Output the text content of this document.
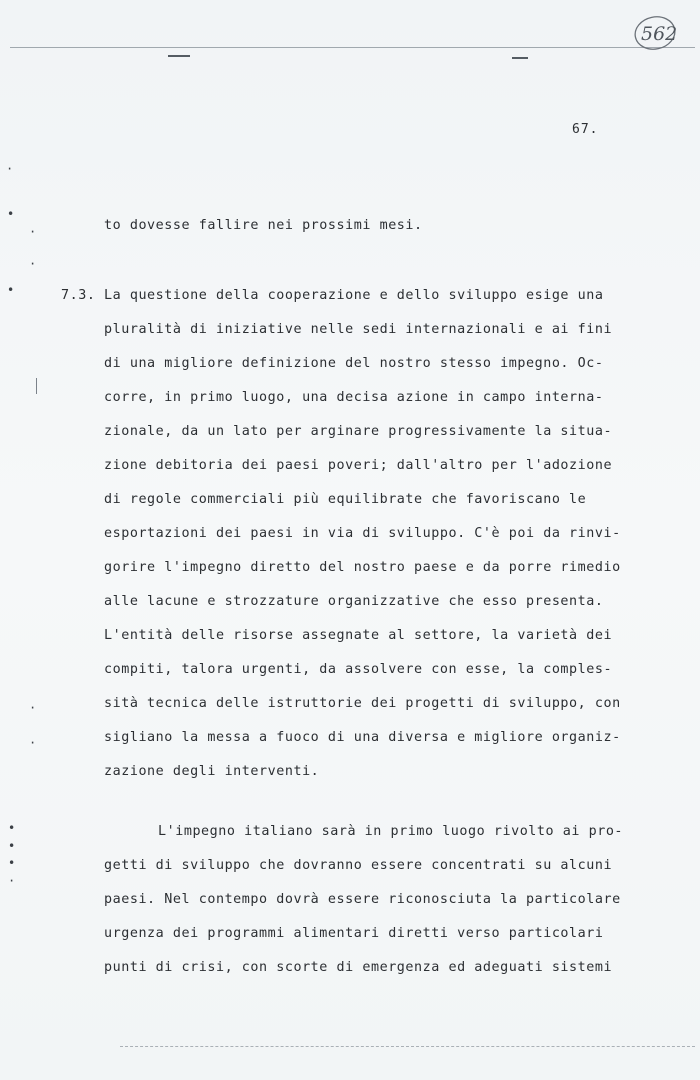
562
67.
·
•
·
·
•
·
·
•
•
•
·
to dovesse fallire nei prossimi mesi.
7.3. La questione della cooperazione e dello sviluppo esige una
pluralità di iniziative nelle sedi internazionali e ai fini
di una migliore definizione del nostro stesso impegno. Oc-
corre, in primo luogo, una decisa azione in campo interna-
zionale, da un lato per arginare progressivamente la situa-
zione debitoria dei paesi poveri; dall'altro per l'adozione
di regole commerciali più equilibrate che favoriscano le
esportazioni dei paesi in via di sviluppo. C'è poi da rinvi-
gorire l'impegno diretto del nostro paese e da porre rimedio
alle lacune e strozzature organizzative che esso presenta.
L'entità delle risorse assegnate al settore, la varietà dei
compiti, talora urgenti, da assolvere con esse, la comples-
sità tecnica delle istruttorie dei progetti di sviluppo, con
sigliano la messa a fuoco di una diversa e migliore organiz-
zazione degli interventi.
L'impegno italiano sarà in primo luogo rivolto ai pro-
getti di sviluppo che dovranno essere concentrati su alcuni
paesi. Nel contempo dovrà essere riconosciuta la particolare
urgenza dei programmi alimentari diretti verso particolari
punti di crisi, con scorte di emergenza ed adeguati sistemi
